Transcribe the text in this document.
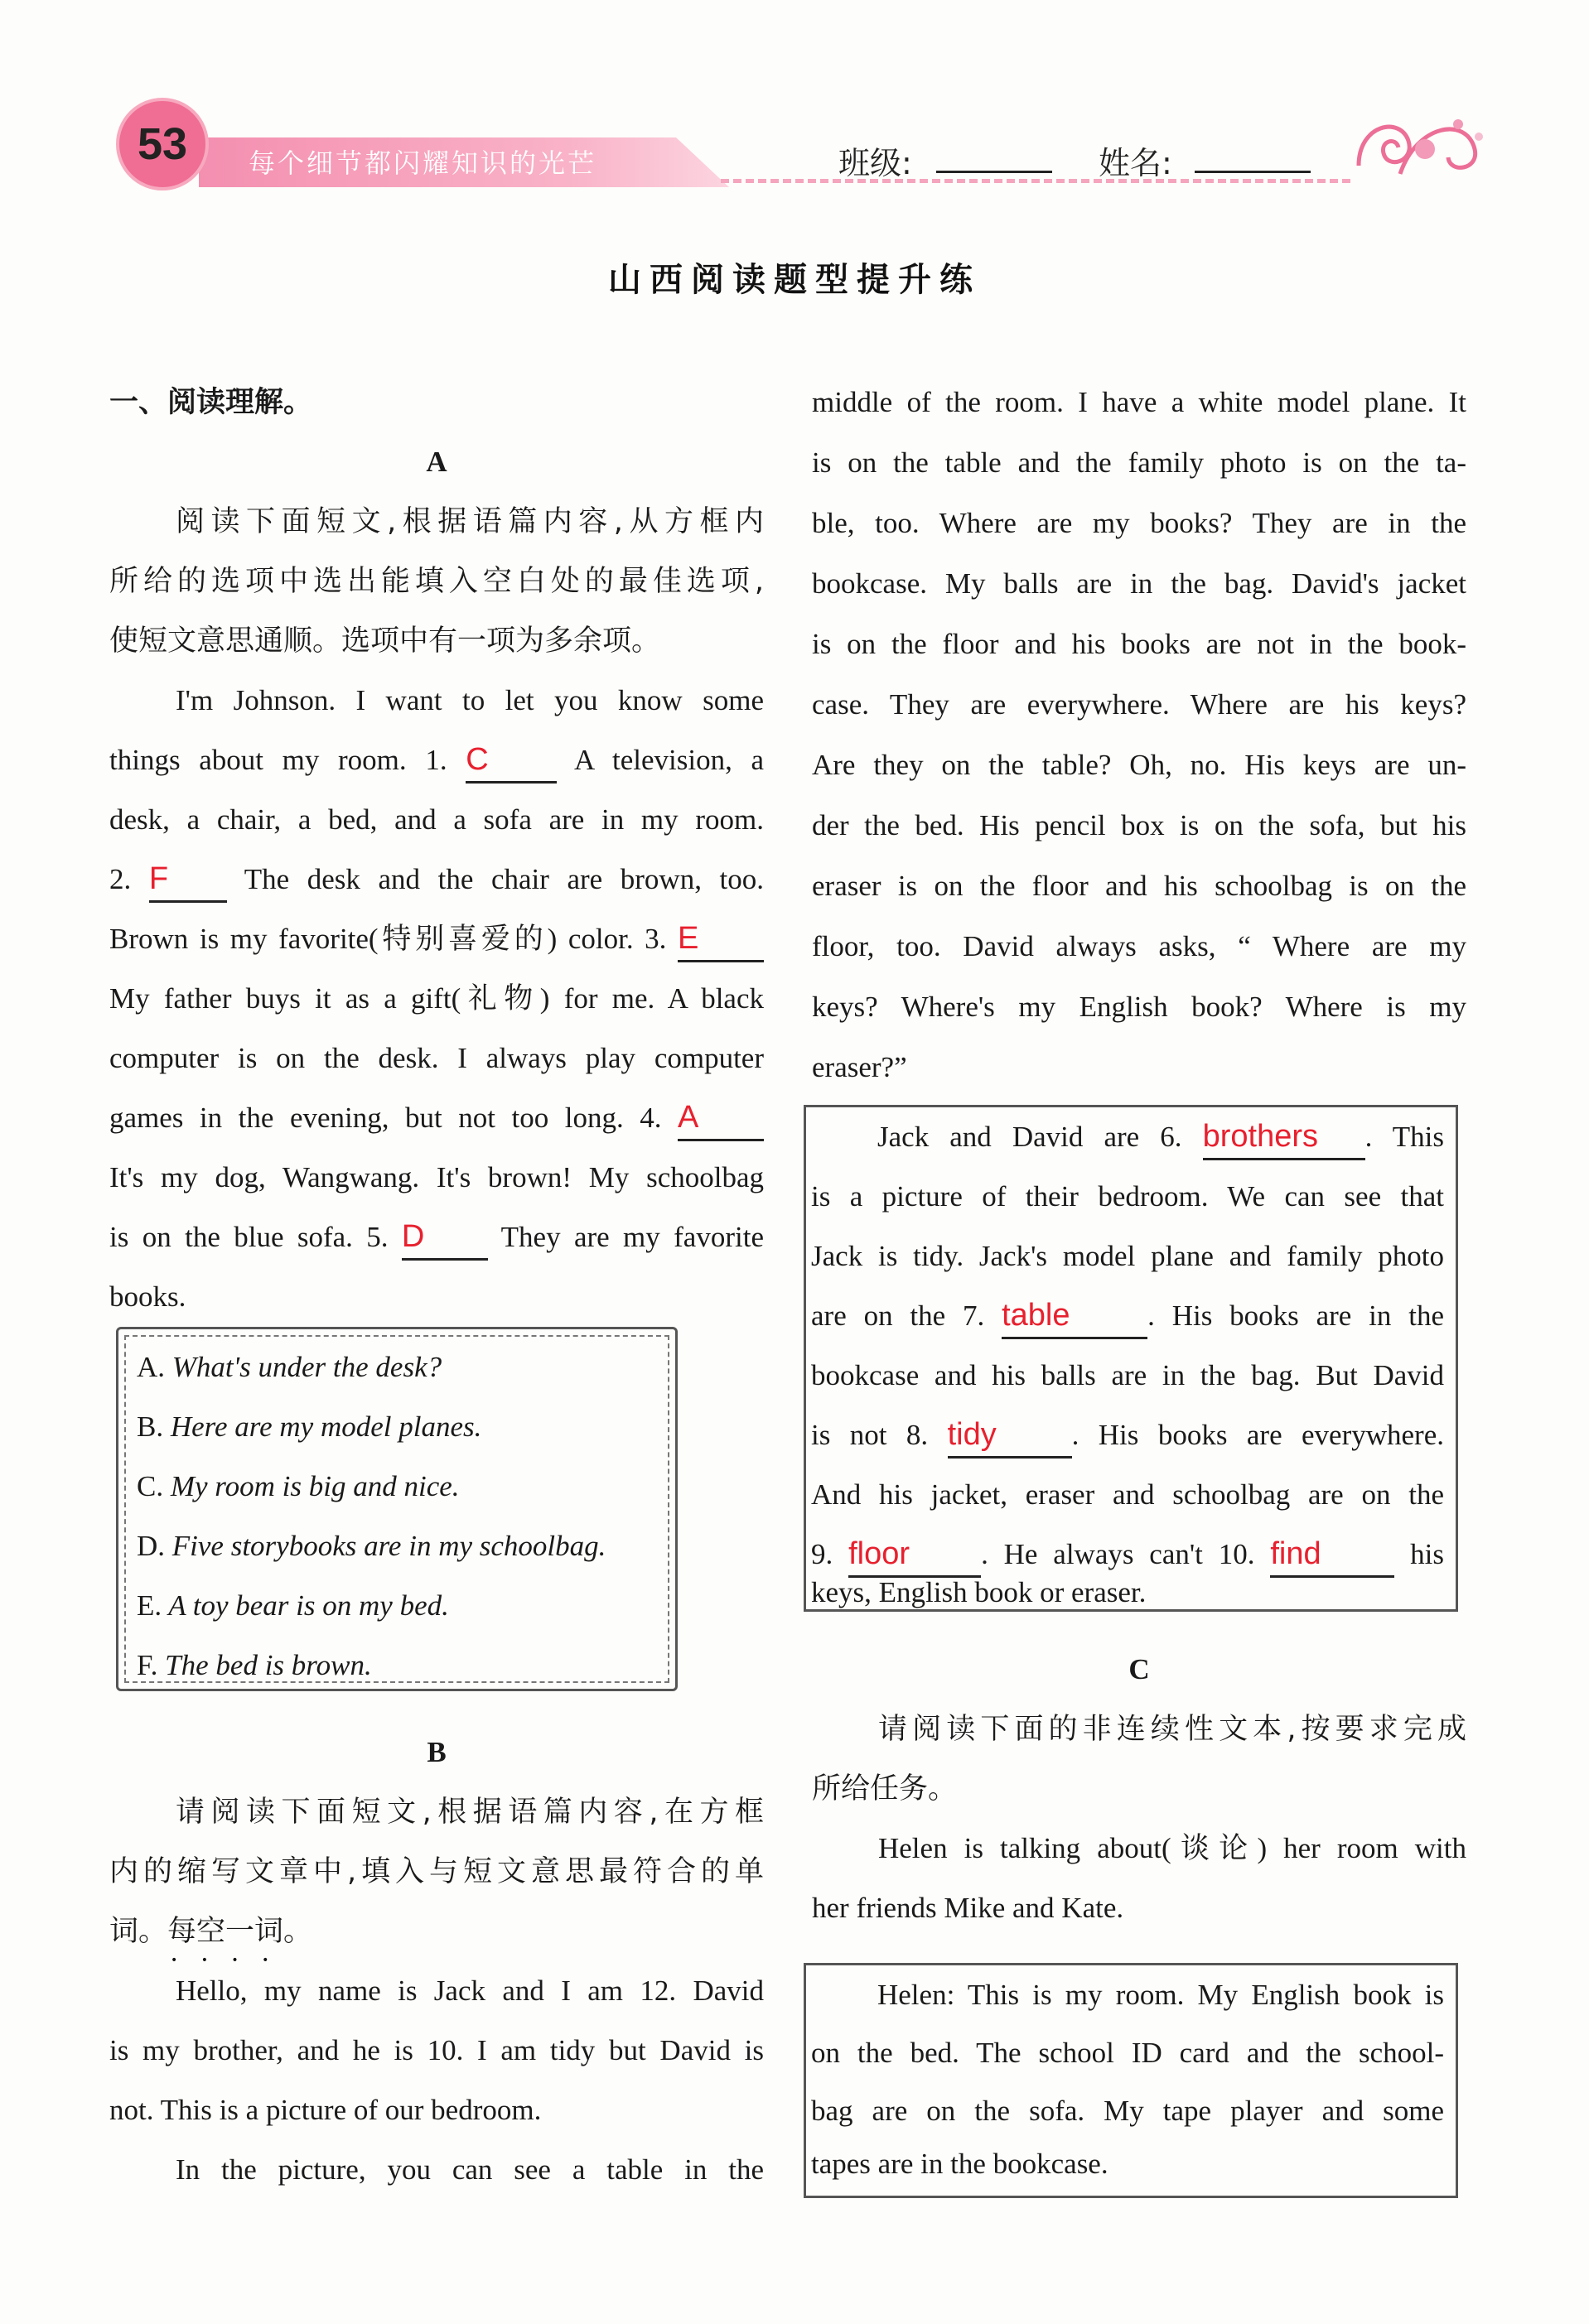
53	每个细节都闪耀知识的光芒	班级:	姓名:
山西阅读题型提升练
一、阅读理解。
A
阅读下面短文,根据语篇内容,从方框内
所给的选项中选出能填入空白处的最佳选项,
使短文意思通顺。选项中有一项为多余项。
I'm Johnson. I want to let you know some
things about my room. 1. C	A television, a
desk, a chair, a bed, and a sofa are in my room.
2. F	The desk and the chair are brown, too.
Brown is my favorite(特别喜爱的) color. 3. E
My father buys it as a gift(礼物) for me. A black
computer is on the desk. I always play computer
games in the evening, but not too long. 4. A
It's my dog, Wangwang. It's brown! My schoolbag
is on the blue sofa. 5. D	They are my favorite
books.
A. What's under the desk?
B. Here are my model planes.
C. My room is big and nice.
D. Five storybooks are in my schoolbag.
E. A toy bear is on my bed.
F. The bed is brown.
B
请阅读下面短文,根据语篇内容,在方框
内的缩写文章中,填入与短文意思最符合的单
词。每空一词 • • • •。
Hello, my name is Jack and I am 12. David
is my brother, and he is 10. I am tidy but David is
not. This is a picture of our bedroom.
In the picture, you can see a table in the
middle of the room. I have a white model plane. It
is on the table and the family photo is on the ta-
ble, too. Where are my books? They are in the
bookcase. My balls are in the bag. David's jacket
is on the floor and his books are not in the book-
case. They are everywhere. Where are his keys?
Are they on the table? Oh, no. His keys are un-
der the bed. His pencil box is on the sofa, but his
eraser is on the floor and his schoolbag is on the
floor, too. David always asks, “ Where are my
keys? Where's my English book? Where is my
eraser?”
Jack and David are 6. brothers . This
is a picture of their bedroom. We can see that
Jack is tidy. Jack's model plane and family photo
are on the 7. table	. His books are in the
bookcase and his balls are in the bag. But David
is not 8. tidy	. His books are everywhere.
And his jacket, eraser and schoolbag are on the
9. floor . He always can't 10. find	his
keys, English book or eraser.
C
请阅读下面的非连续性文本,按要求完成
所给任务。
Helen is talking about(谈论) her room with
her friends Mike and Kate.
Helen: This is my room. My English book is
on the bed. The school ID card and the school-
bag are on the sofa. My tape player and some
tapes are in the bookcase.
